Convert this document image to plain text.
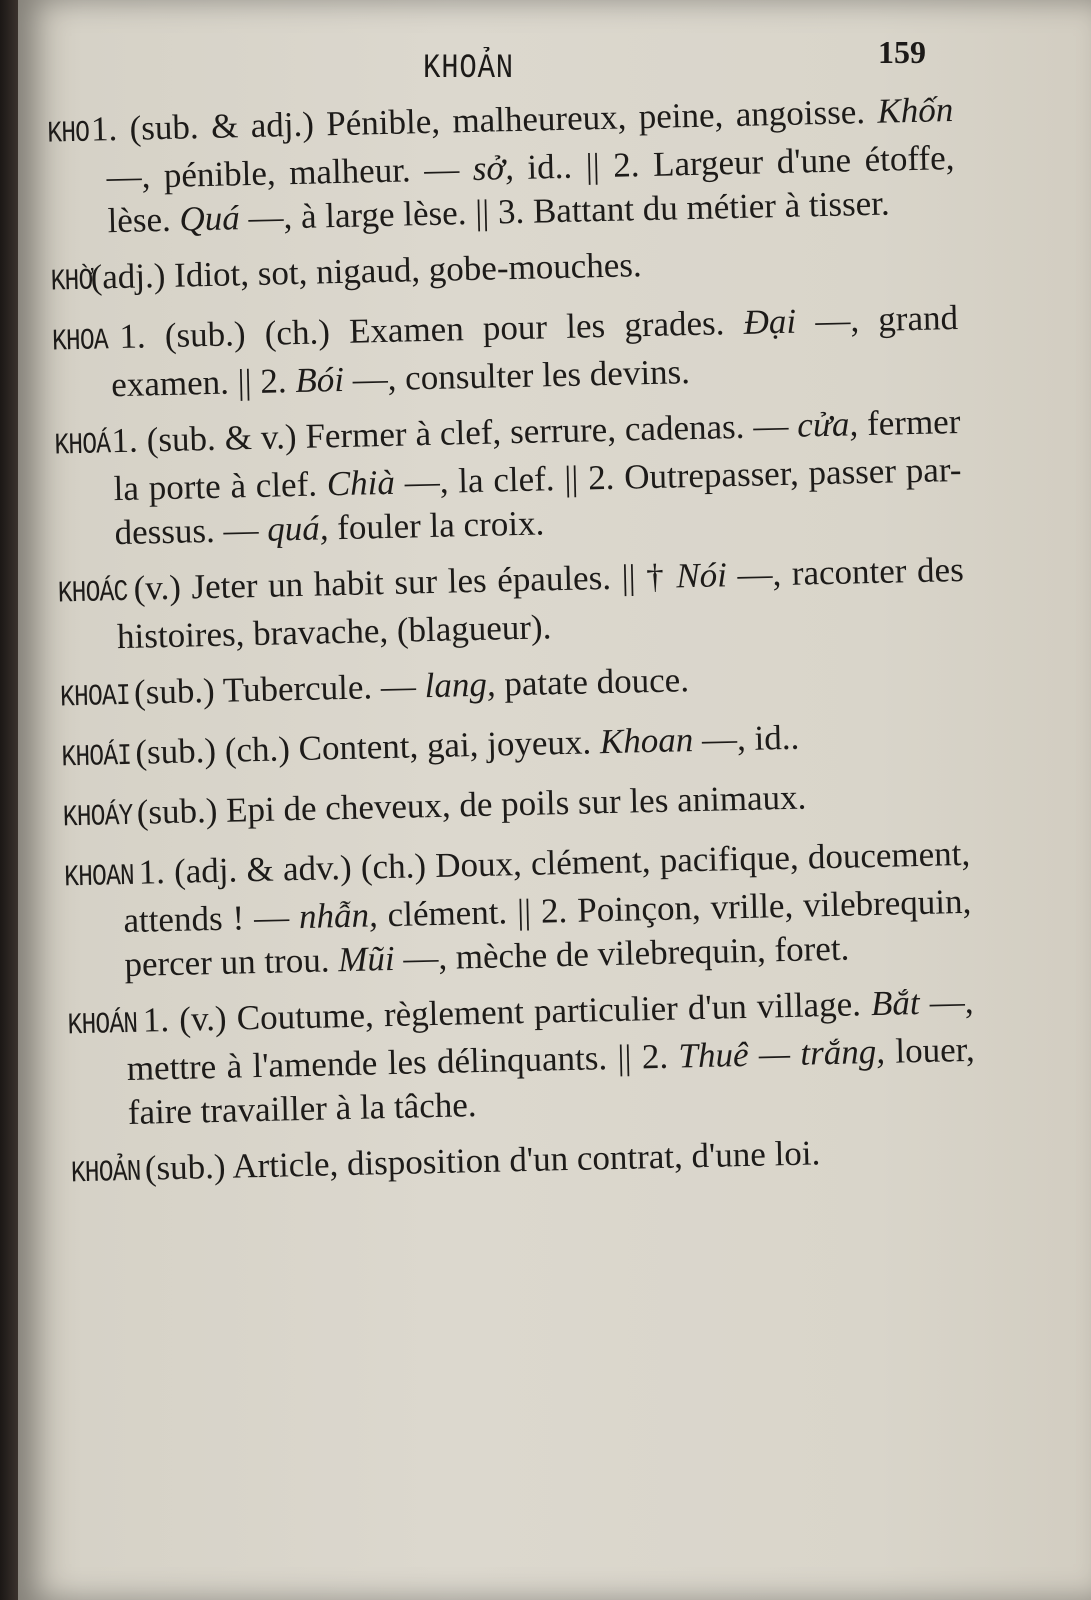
KHOẢN	159

KHO 1. (sub. & adj.) Pénible, malheureux, peine, angoisse. Khốn —, pénible, malheur. — sở, id.. || 2. Largeur d'une étoffe, lèse. Quá —, à large lèse. || 3. Battant du métier à tisser.

KHỜ (adj.) Idiot, sot, nigaud, gobe-mouches.

KHOA 1. (sub.) (ch.) Examen pour les grades. Đại —, grand examen. || 2. Bói —, consulter les devins.

KHOÁ 1. (sub. & v.) Fermer à clef, serrure, cadenas. — cửa, fermer la porte à clef. Chià —, la clef. || 2. Outrepasser, passer par-dessus. — quá, fouler la croix.

KHOÁC (v.) Jeter un habit sur les épaules. || † Nói —, raconter des histoires, bravache, (blagueur).

KHOAI (sub.) Tubercule. — lang, patate douce.

KHOÁI (sub.) (ch.) Content, gai, joyeux. Khoan —, id..

KHOÁY (sub.) Epi de cheveux, de poils sur les animaux.

KHOAN 1. (adj. & adv.) (ch.) Doux, clément, pacifique, doucement, attends ! — nhẫn, clément. || 2. Poinçon, vrille, vilebrequin, percer un trou. Mũi —, mèche de vilebrequin, foret.

KHOÁN 1. (v.) Coutume, règlement particulier d'un village. Bắt —, mettre à l'amende les délinquants. || 2. Thuê — trắng, louer, faire travailler à la tâche.

KHOẢN (sub.) Article, disposition d'un contrat, d'une loi.
